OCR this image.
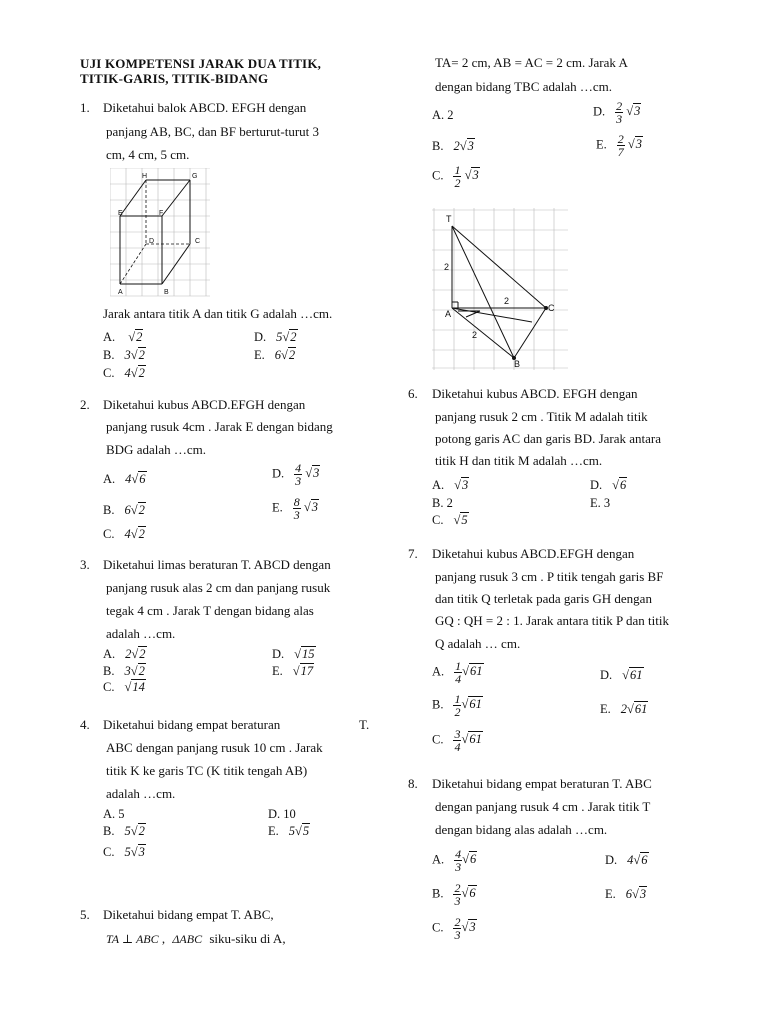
UJI KOMPETENSI JARAK DUA TITIK,
TITIK-GARIS, TITIK-BIDANG
1. Diketahui balok ABCD. EFGH dengan
panjang AB, BC, dan BF berturut-turut 3
cm, 4 cm, 5 cm.
H	G
E	F
D	C
A	B
Jarak antara titik A dan titik G adalah …cm.
A. √2
B. 3√2
C. 4√2
D. 5√2
E. 6√2
2. Diketahui kubus ABCD.EFGH dengan
panjang rusuk 4cm . Jarak E dengan bidang
BDG adalah …cm.
A. 4√6
B. 6√2
C. 4√2
D. $\frac{4}{3} √3$
E. $\frac{8}{3} √3$
3. Diketahui limas beraturan T. ABCD dengan
panjang rusuk alas 2 cm dan panjang rusuk
tegak 4 cm . Jarak T dengan bidang alas
adalah …cm.
A. 2√2
B. 3√2
C. √14
D. √15
E. √17
4. Diketahui bidang empat beraturan	T.
ABC dengan panjang rusuk 10 cm . Jarak
titik K ke garis TC (K titik tengah AB)
adalah …cm.
A. 5
B. 5√2
C. 5√3
D. 10
E. 5√5
5. Diketahui bidang empat T. ABC,
TA ⊥ ABC , ΔABC siku-siku di A,
TA= 2 cm, AB = AC = 2 cm. Jarak A
dengan bidang TBC adalah …cm.
A. 2
B. 2√3
C. $\frac{1}{2} √3$
D. $\frac{2}{3} √3$
E. $\frac{2}{7} √3$
T
A
C
B
2
2
2
6. Diketahui kubus ABCD. EFGH dengan
panjang rusuk 2 cm . Titik M adalah titik
potong garis AC dan garis BD. Jarak antara
titik H dan titik M adalah …cm.
A. √3
B. 2
C. √5
D. √6
E. 3
7. Diketahui kubus ABCD.EFGH dengan
panjang rusuk 3 cm . P titik tengah garis BF
dan titik Q terletak pada garis GH dengan
GQ : QH = 2 : 1. Jarak antara titik P dan titik
Q adalah … cm.
A. $\frac{1}{4} √61$
B. $\frac{1}{2} √61$
C. $\frac{3}{4} √61$
D. √61
E. 2√61
8. Diketahui bidang empat beraturan T. ABC
dengan panjang rusuk 4 cm . Jarak titik T
dengan bidang alas adalah …cm.
A. $\frac{4}{3} √6$
B. $\frac{2}{3} √6$
C. $\frac{2}{3} √3$
D. 4√6
E. 6√3
